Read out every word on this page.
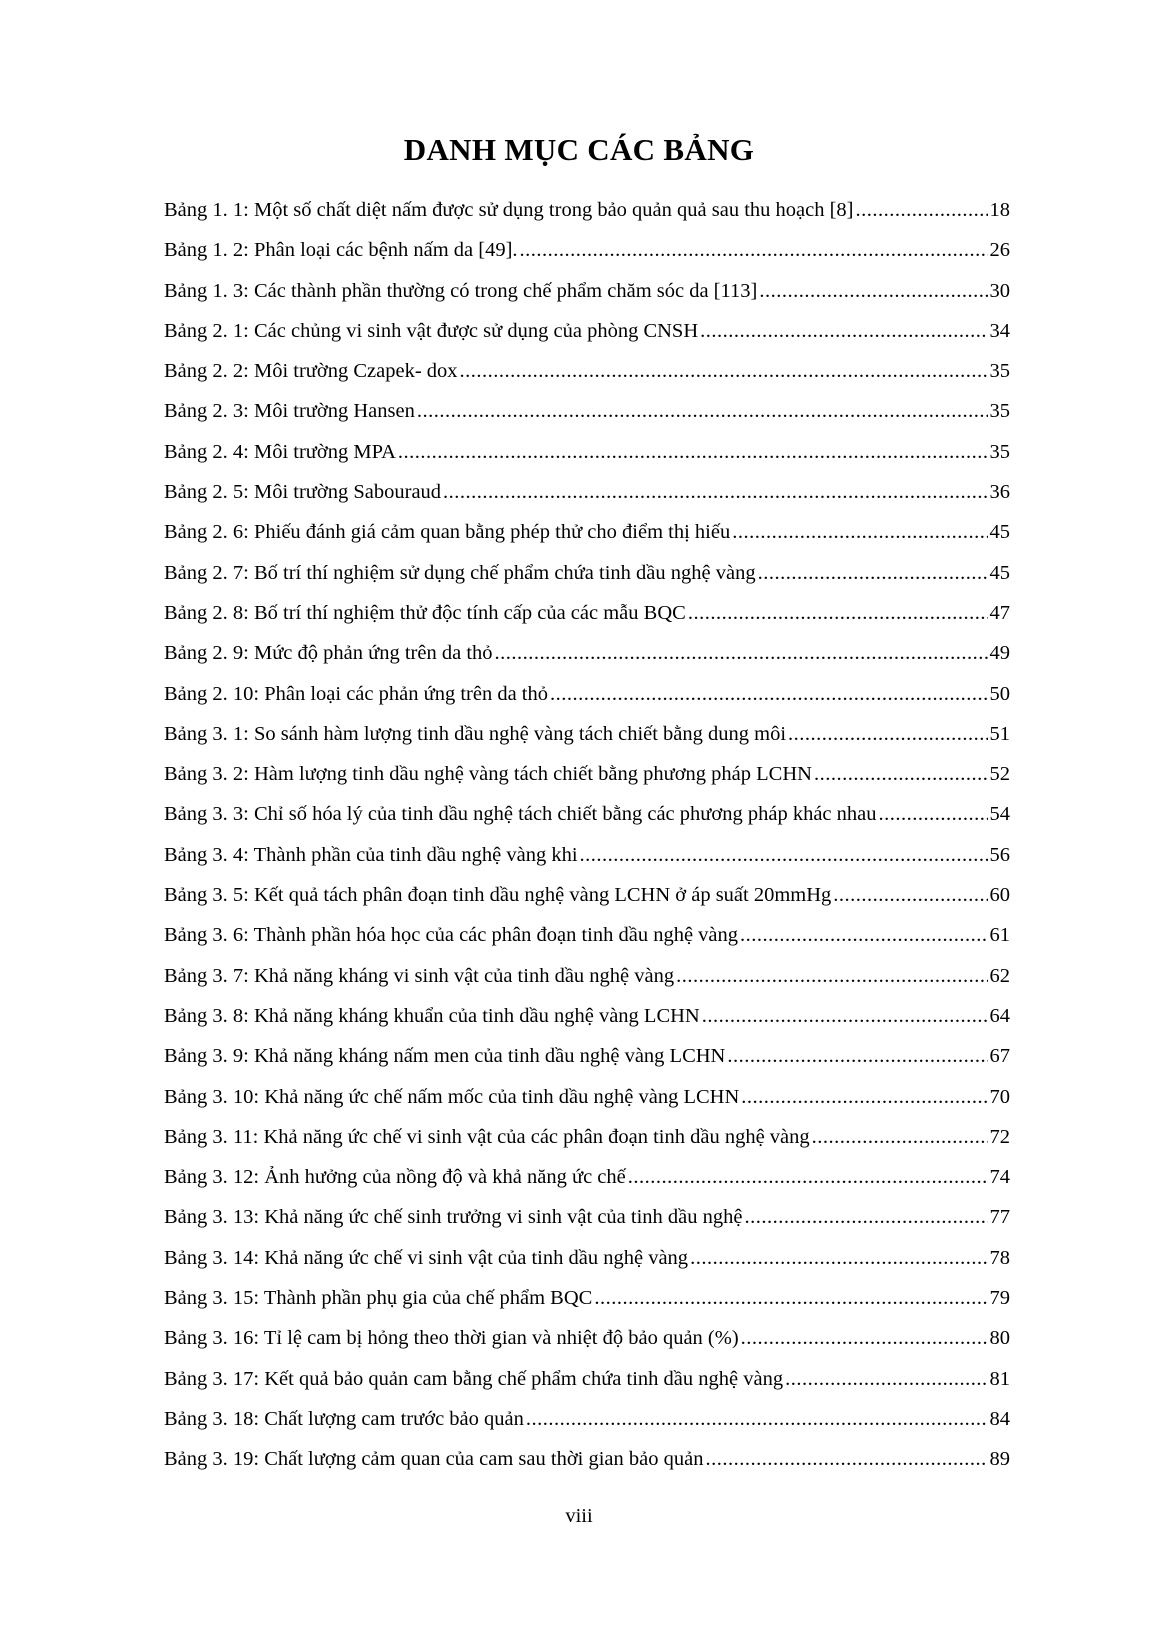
DANH MỤC CÁC BẢNG
Bảng 1. 1: Một số chất diệt nấm được sử dụng trong bảo quản quả sau thu hoạch [8] .....	18
Bảng 1. 2: Phân loại các bệnh nấm da [49]. .....	26
Bảng 1. 3: Các thành phần thường có trong chế phẩm chăm sóc da [113] .....	30
Bảng 2. 1: Các chủng vi sinh vật được sử dụng của phòng CNSH .....	34
Bảng 2. 2: Môi trường Czapek- dox .....	35
Bảng 2. 3: Môi trường Hansen .....	35
Bảng 2. 4: Môi trường MPA .....	35
Bảng 2. 5: Môi trường Sabouraud .....	36
Bảng 2. 6: Phiếu đánh giá cảm quan bằng phép thử cho điểm thị hiếu .....	45
Bảng 2. 7: Bố trí thí nghiệm sử dụng chế phẩm chứa tinh dầu nghệ vàng .....	45
Bảng 2. 8: Bố trí thí nghiệm thử độc tính cấp của các mẫu BQC .....	47
Bảng 2. 9: Mức độ phản ứng trên da thỏ .....	49
Bảng 2. 10: Phân loại các phản ứng trên da thỏ .....	50
Bảng 3. 1: So sánh hàm lượng tinh dầu nghệ vàng tách chiết bằng dung môi .....	51
Bảng 3. 2: Hàm lượng tinh dầu nghệ vàng tách chiết bằng phương pháp LCHN .....	52
Bảng 3. 3: Chỉ số hóa lý của tinh dầu nghệ tách chiết bằng các phương pháp khác nhau .....	54
Bảng 3. 4: Thành phần của tinh dầu nghệ vàng khi .....	56
Bảng 3. 5: Kết quả tách phân đoạn tinh dầu nghệ vàng LCHN ở áp suất 20mmHg .....	60
Bảng 3. 6: Thành phần hóa học của các phân đoạn tinh dầu nghệ vàng .....	61
Bảng 3. 7: Khả năng kháng vi sinh vật của tinh dầu nghệ vàng .....	62
Bảng 3. 8: Khả năng kháng khuẩn của tinh dầu nghệ vàng LCHN .....	64
Bảng 3. 9: Khả năng kháng nấm men của tinh dầu nghệ vàng LCHN .....	67
Bảng 3. 10: Khả năng ức chế nấm mốc của tinh dầu nghệ vàng LCHN .....	70
Bảng 3. 11: Khả năng ức chế vi sinh vật của các phân đoạn tinh dầu nghệ vàng .....	72
Bảng 3. 12: Ảnh hưởng của nồng độ và khả năng ức chế .....	74
Bảng 3. 13: Khả năng ức chế sinh trưởng vi sinh vật của tinh dầu nghệ .....	77
Bảng 3. 14: Khả năng ức chế vi sinh vật của tinh dầu nghệ vàng .....	78
Bảng 3. 15: Thành phần phụ gia của chế phẩm BQC .....	79
Bảng 3. 16: Tỉ lệ cam bị hỏng theo thời gian và nhiệt độ bảo quản (%) .....	80
Bảng 3. 17: Kết quả bảo quản cam bằng chế phẩm chứa tinh dầu nghệ vàng .....	81
Bảng 3. 18: Chất lượng cam trước bảo quản .....	84
Bảng 3. 19: Chất lượng cảm quan của cam sau thời gian bảo quản .....	89
viii
